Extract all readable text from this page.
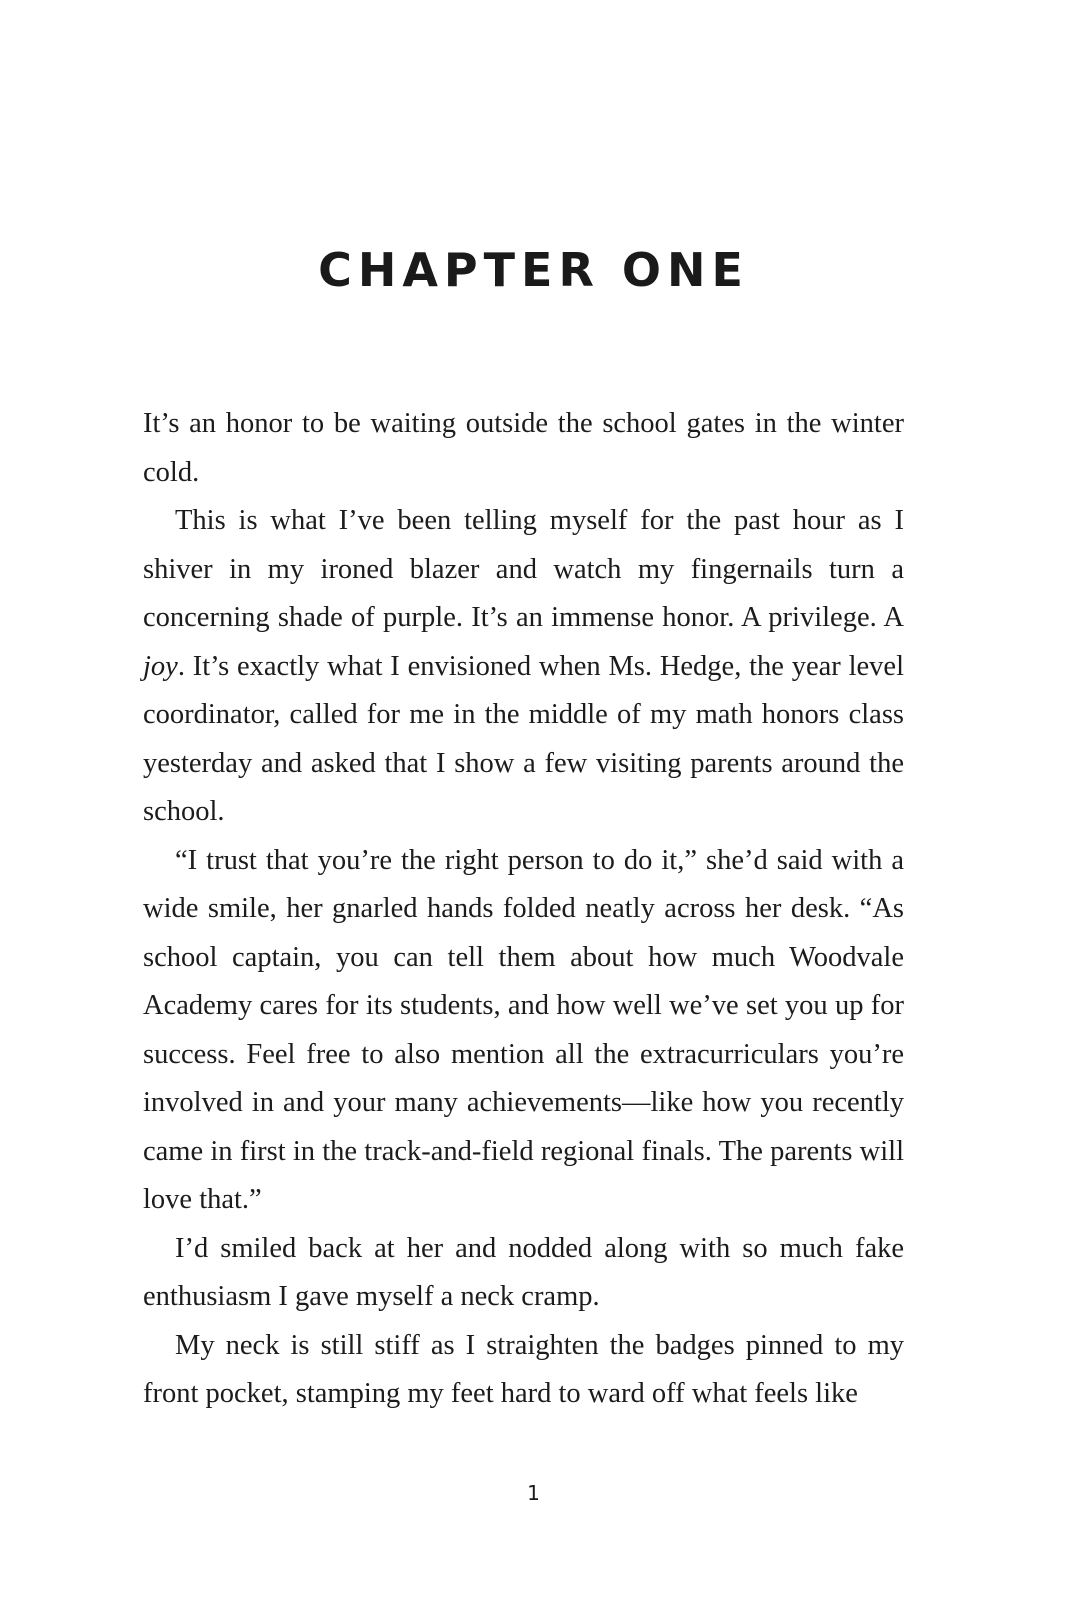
CHAPTER ONE

It’s an honor to be waiting outside the school gates in the winter cold.

This is what I’ve been telling myself for the past hour as I shiver in my ironed blazer and watch my fingernails turn a concerning shade of purple. It’s an immense honor. A privilege. A joy. It’s exactly what I envisioned when Ms. Hedge, the year level coordinator, called for me in the middle of my math honors class yesterday and asked that I show a few visiting parents around the school.

“I trust that you’re the right person to do it,” she’d said with a wide smile, her gnarled hands folded neatly across her desk. “As school captain, you can tell them about how much Woodvale Academy cares for its students, and how well we’ve set you up for success. Feel free to also mention all the extracurriculars you’re involved in and your many achievements—like how you recently came in first in the track-and-field regional finals. The parents will love that.”

I’d smiled back at her and nodded along with so much fake enthusiasm I gave myself a neck cramp.

My neck is still stiff as I straighten the badges pinned to my front pocket, stamping my feet hard to ward off what feels like

1
